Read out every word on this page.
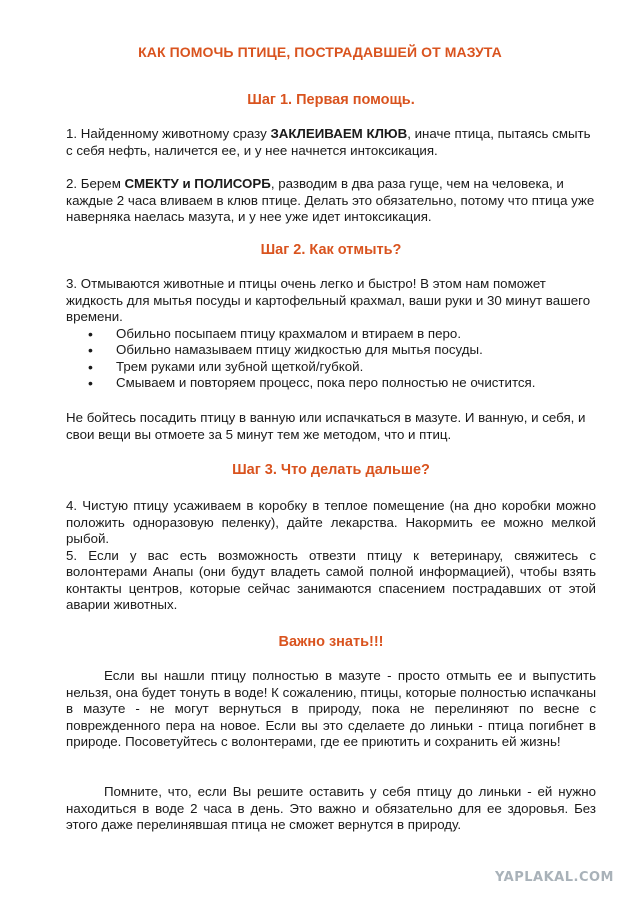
КАК ПОМОЧЬ ПТИЦЕ, ПОСТРАДАВШЕЙ ОТ МАЗУТА

Шаг 1. Первая помощь.

1. Найденному животному сразу ЗАКЛЕИВАЕМ КЛЮВ, иначе птица, пытаясь смыть с себя нефть, наличется ее, и у нее начнется интоксикация.

2. Берем СМЕКТУ и ПОЛИСОРБ, разводим в два раза гуще, чем на человека, и каждые 2 часа вливаем в клюв птице. Делать это обязательно, потому что птица уже наверняка наелась мазута, и у нее уже идет интоксикация.

Шаг 2. Как отмыть?

3. Отмываются животные и птицы очень легко и быстро! В этом нам поможет жидкость для мытья посуды и картофельный крахмал, ваши руки и 30 минут вашего времени.

• Обильно посыпаем птицу крахмалом и втираем в перо.
• Обильно намазываем птицу жидкостью для мытья посуды.
• Трем руками или зубной щеткой/губкой.
• Смываем и повторяем процесс, пока перо полностью не очистится.

Не бойтесь посадить птицу в ванную или испачкаться в мазуте. И ванную, и себя, и свои вещи вы отмоете за 5 минут тем же методом, что и птиц.

Шаг 3. Что делать дальше?

4. Чистую птицу усаживаем в коробку в теплое помещение (на дно коробки можно положить одноразовую пеленку), дайте лекарства. Накормить ее можно мелкой рыбой.

5. Если у вас есть возможность отвезти птицу к ветеринару, свяжитесь с волонтерами Анапы (они будут владеть самой полной информацией), чтобы взять контакты центров, которые сейчас занимаются спасением пострадавших от этой аварии животных.

Важно знать!!!

Если вы нашли птицу полностью в мазуте - просто отмыть ее и выпустить нельзя, она будет тонуть в воде! К сожалению, птицы, которые полностью испачканы в мазуте - не могут вернуться в природу, пока не перелиняют по весне с поврежденного пера на новое. Если вы это сделаете до линьки - птица погибнет в природе. Посоветуйтесь с волонтерами, где ее приютить и сохранить ей жизнь!

Помните, что, если Вы решите оставить у себя птицу до линьки - ей нужно находиться в воде 2 часа в день. Это важно и обязательно для ее здоровья. Без этого даже перелинявшая птица не сможет вернутся в природу.

YAPLAKAL.COM
